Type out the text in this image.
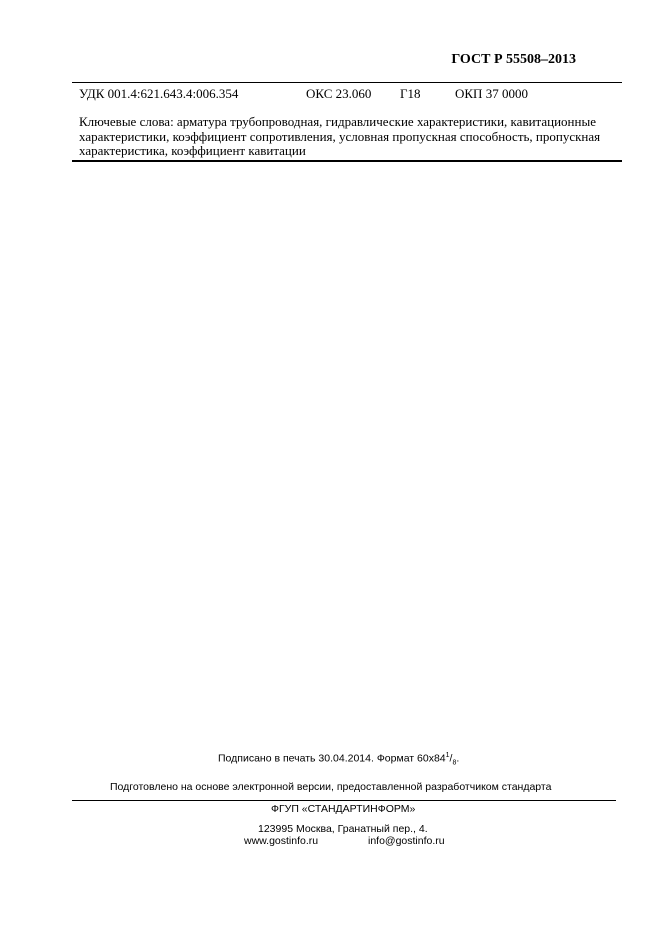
ГОСТ Р 55508–2013
УДК 001.4:621.643.4:006.354	ОКС 23.060 Г18	ОКП 37 0000

Ключевые слова: арматура трубопроводная, гидравлические характеристики, кавитационные

характеристики, коэффициент сопротивления, условная пропускная способность, пропускная

характеристика, коэффициент кавитации

Подписано в печать 30.04.2014. Формат $60х84^1/_8$.
Подготовлено на основе электронной версии, предоставленной разработчиком стандарта
ФГУП «СТАНДАРТИНФОРМ»
123995 Москва, Гранатный пер., 4.
www.gostinfo.ru	info@gostinfo.ru
